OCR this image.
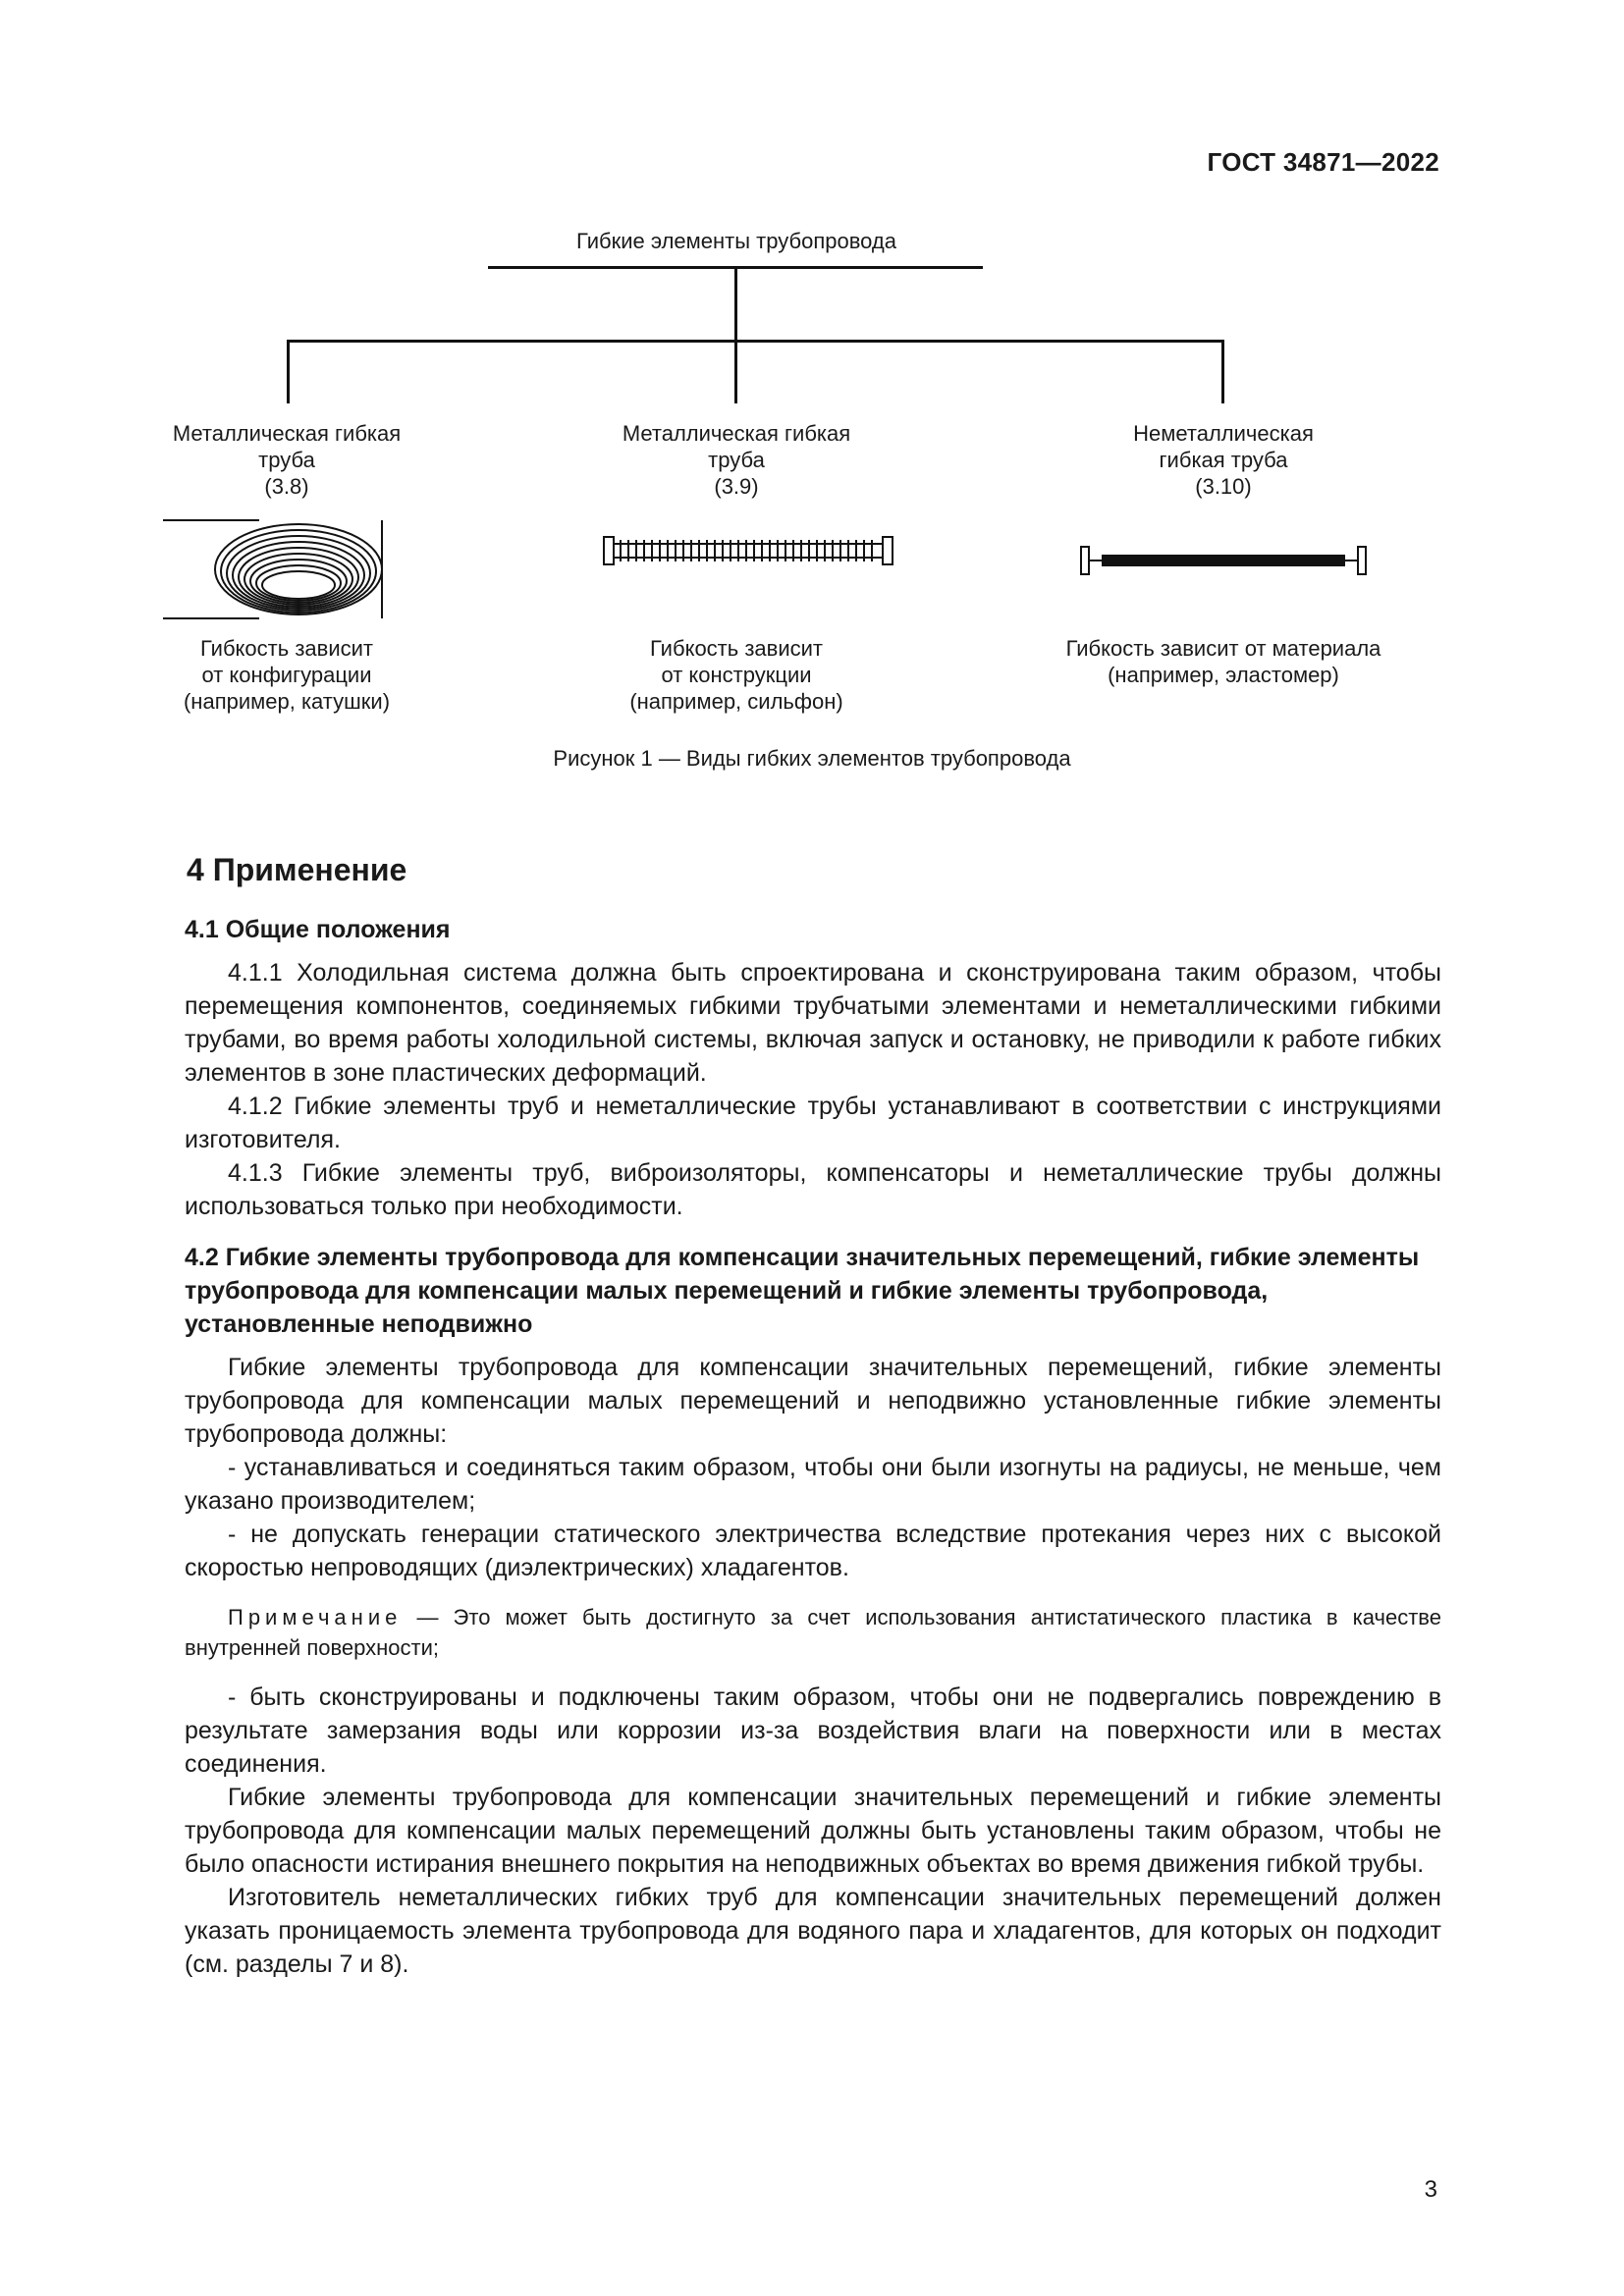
ГОСТ 34871—2022
Гибкие элементы трубопровода
Металлическая гибкая
труба
(3.8)
Гибкость зависит
от конфигурации
(например, катушки)
Металлическая гибкая
труба
(3.9)
Гибкость зависит
от конструкции
(например, сильфон)
Неметаллическая
гибкая труба
(3.10)
Гибкость зависит от материала
(например, эластомер)
Рисунок 1 — Виды гибких элементов трубопровода
4 Применение
4.1 Общие положения

4.1.1 Холодильная система должна быть спроектирована и сконструирована таким образом, чтобы перемещения компонентов, соединяемых гибкими трубчатыми элементами и неметаллическими гибкими трубами, во время работы холодильной системы, включая запуск и остановку, не приводили к работе гибких элементов в зоне пластических деформаций.

4.1.2 Гибкие элементы труб и неметаллические трубы устанавливают в соответствии с инструкциями изготовителя.

4.1.3 Гибкие элементы труб, виброизоляторы, компенсаторы и неметаллические трубы должны использоваться только при необходимости.

4.2 Гибкие элементы трубопровода для компенсации значительных перемещений, гибкие элементы трубопровода для компенсации малых перемещений и гибкие элементы трубопровода, установленные неподвижно

Гибкие элементы трубопровода для компенсации значительных перемещений, гибкие элементы трубопровода для компенсации малых перемещений и неподвижно установленные гибкие элементы трубопровода должны:

- устанавливаться и соединяться таким образом, чтобы они были изогнуты на радиусы, не меньше, чем указано производителем;

- не допускать генерации статического электричества вследствие протекания через них с высокой скоростью непроводящих (диэлектрических) хладагентов.

Примечание — Это может быть достигнуто за счет использования антистатического пластика в качестве внутренней поверхности;

- быть сконструированы и подключены таким образом, чтобы они не подвергались повреждению в результате замерзания воды или коррозии из-за воздействия влаги на поверхности или в местах соединения.

Гибкие элементы трубопровода для компенсации значительных перемещений и гибкие элементы трубопровода для компенсации малых перемещений должны быть установлены таким образом, чтобы не было опасности истирания внешнего покрытия на неподвижных объектах во время движения гибкой трубы.

Изготовитель неметаллических гибких труб для компенсации значительных перемещений должен указать проницаемость элемента трубопровода для водяного пара и хладагентов, для которых он подходит (см. разделы 7 и 8).

3
